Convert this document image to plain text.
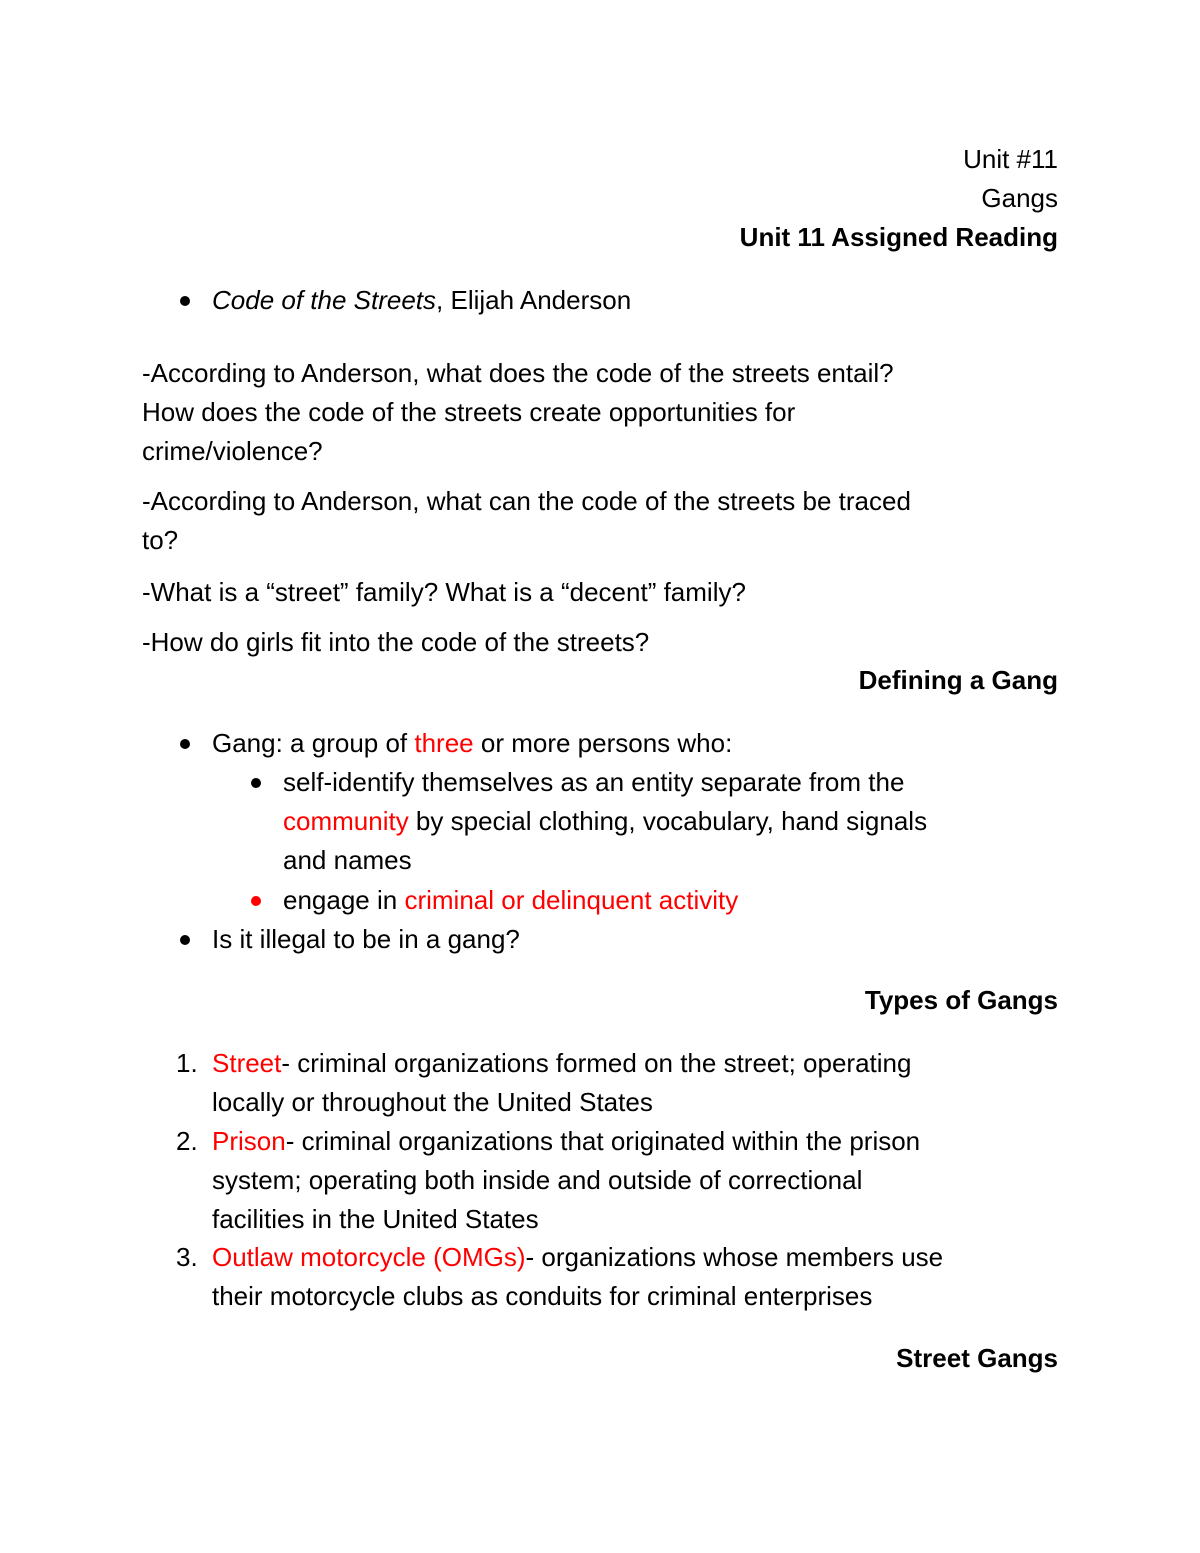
Unit #11
Gangs
Unit 11 Assigned Reading
Code of the Streets, Elijah Anderson
-According to Anderson, what does the code of the streets entail?
How does the code of the streets create opportunities for
crime/violence?
-According to Anderson, what can the code of the streets be traced
to?
-What is a “street” family? What is a “decent” family?
-How do girls fit into the code of the streets?
Defining a Gang
Gang: a group of three or more persons who:
self-identify themselves as an entity separate from the
community by special clothing, vocabulary, hand signals
and names
engage in criminal or delinquent activity
Is it illegal to be in a gang?
Types of Gangs
1. Street- criminal organizations formed on the street; operating
locally or throughout the United States
2. Prison- criminal organizations that originated within the prison
system; operating both inside and outside of correctional
facilities in the United States
3. Outlaw motorcycle (OMGs)- organizations whose members use
their motorcycle clubs as conduits for criminal enterprises
Street Gangs
